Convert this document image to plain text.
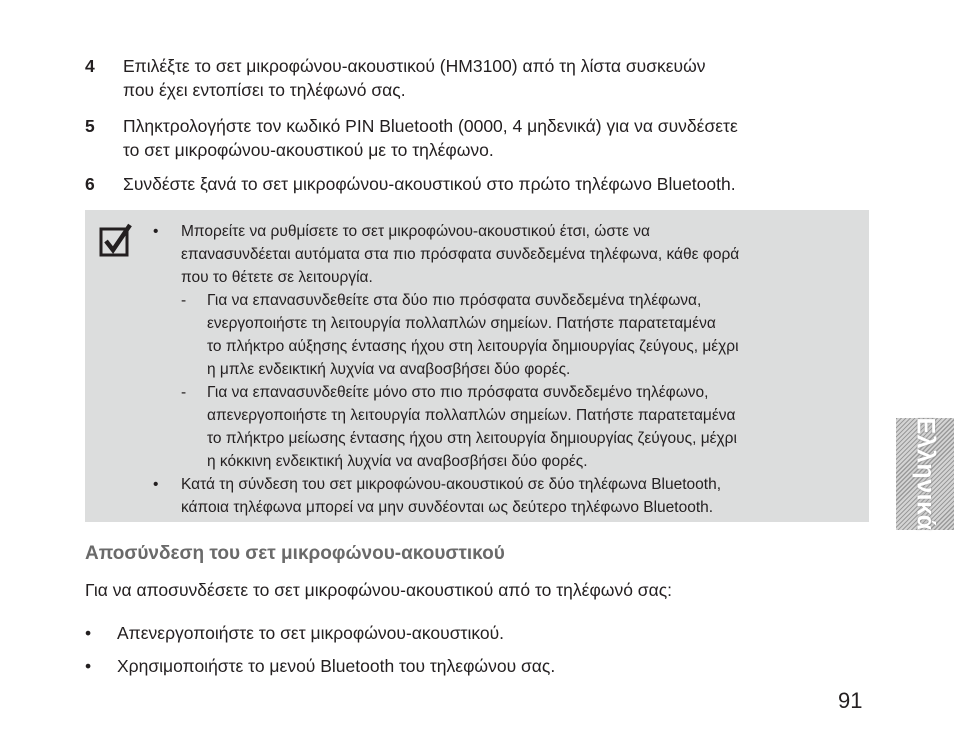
4 Επιλέξτε το σετ μικροφώνου-ακουστικού (HM3100) από τη λίστα συσκευών
που έχει εντοπίσει το τηλέφωνό σας.
5 Πληκτρολογήστε τον κωδικό PIN Bluetooth (0000, 4 μηδενικά) για να συνδέσετε
το σετ μικροφώνου-ακουστικού με το τηλέφωνο.
6 Συνδέστε ξανά το σετ μικροφώνου-ακουστικού στο πρώτο τηλέφωνο Bluetooth.
• Μπορείτε να ρυθμίσετε το σετ μικροφώνου-ακουστικού έτσι, ώστε να
επανασυνδέεται αυτόματα στα πιο πρόσφατα συνδεδεμένα τηλέφωνα, κάθε φορά
που το θέτετε σε λειτουργία.
- Για να επανασυνδεθείτε στα δύο πιο πρόσφατα συνδεδεμένα τηλέφωνα,
ενεργοποιήστε τη λειτουργία πολλαπλών σημείων. Πατήστε παρατεταμένα
το πλήκτρο αύξησης έντασης ήχου στη λειτουργία δημιουργίας ζεύγους, μέχρι
η μπλε ενδεικτική λυχνία να αναβοσβήσει δύο φορές.
- Για να επανασυνδεθείτε μόνο στο πιο πρόσφατα συνδεδεμένο τηλέφωνο,
απενεργοποιήστε τη λειτουργία πολλαπλών σημείων. Πατήστε παρατεταμένα
το πλήκτρο μείωσης έντασης ήχου στη λειτουργία δημιουργίας ζεύγους, μέχρι
η κόκκινη ενδεικτική λυχνία να αναβοσβήσει δύο φορές.
• Κατά τη σύνδεση του σετ μικροφώνου-ακουστικού σε δύο τηλέφωνα Bluetooth,
κάποια τηλέφωνα μπορεί να μην συνδέονται ως δεύτερο τηλέφωνο Bluetooth.	Ελληνικά
Αποσύνδεση του σετ μικροφώνου-ακουστικού
Για να αποσυνδέσετε το σετ μικροφώνου-ακουστικού από το τηλέφωνό σας:
• Απενεργοποιήστε το σετ μικροφώνου-ακουστικού.
• Χρησιμοποιήστε το μενού Bluetooth του τηλεφώνου σας.
91
